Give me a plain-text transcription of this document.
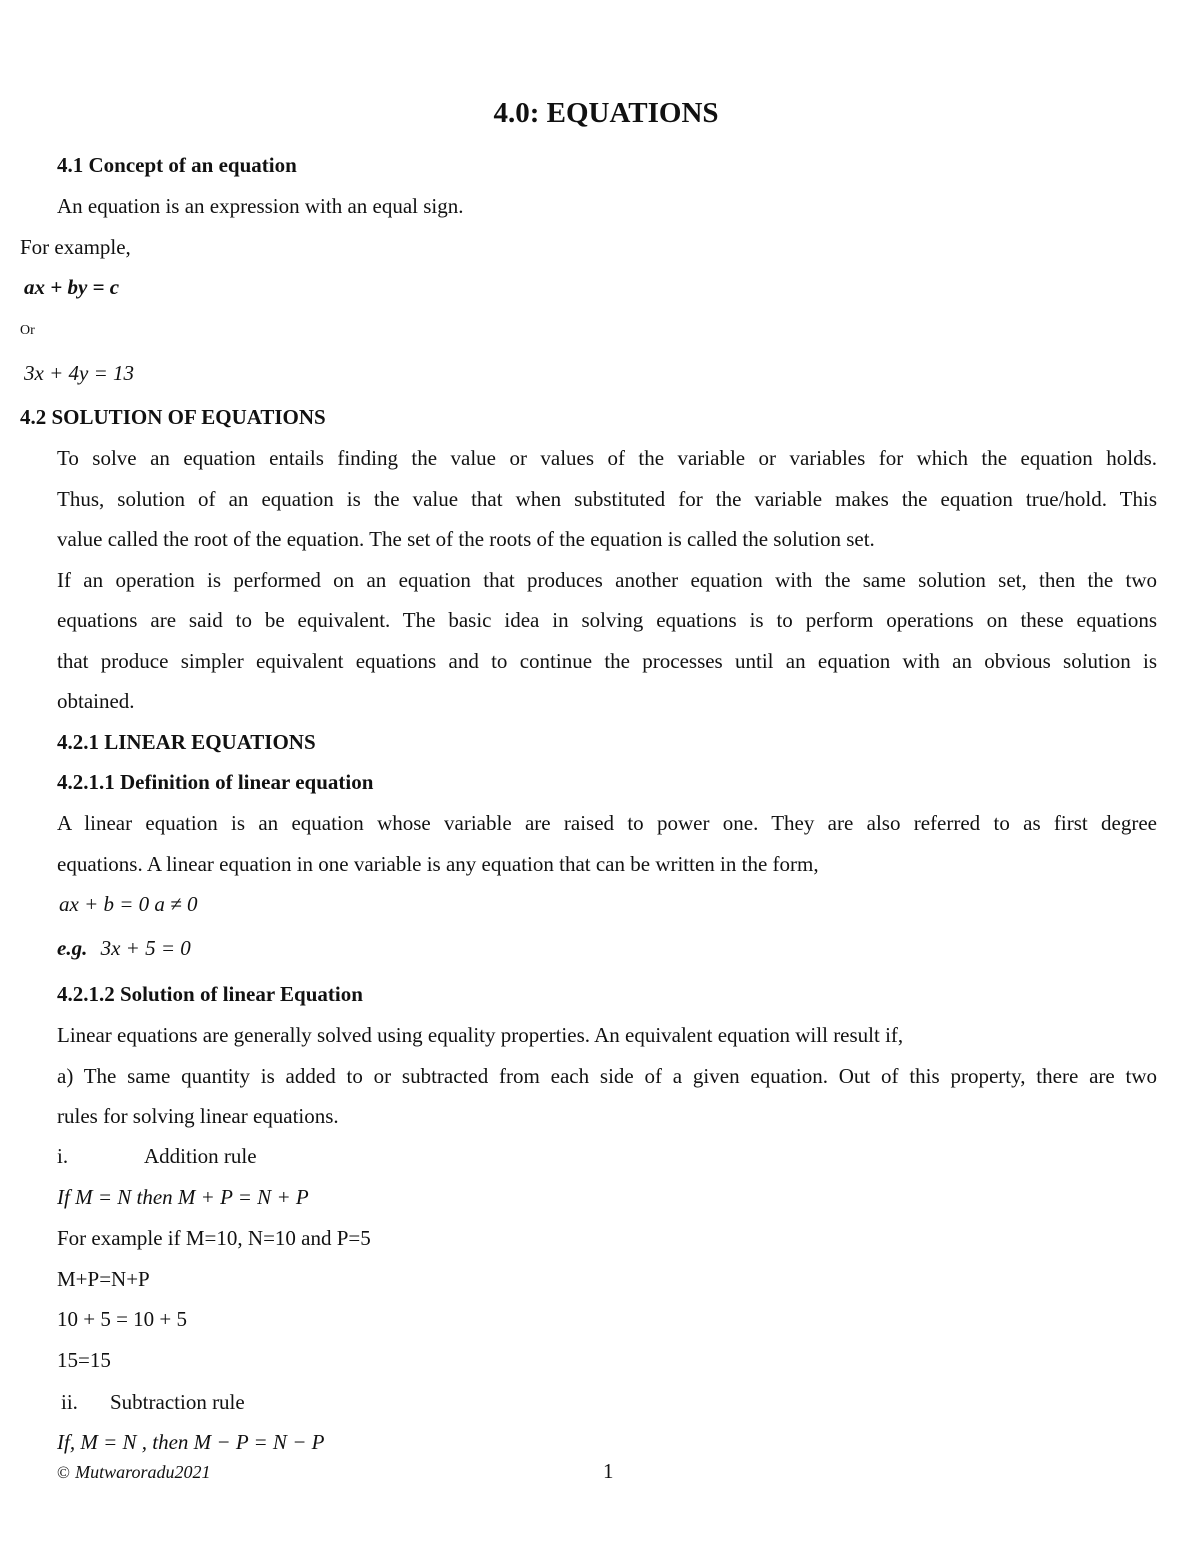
4.0: EQUATIONS
4.1 Concept of an equation
An equation is an expression with an equal sign.
For example,
ax + by = c
Or
3x + 4y = 13
4.2 SOLUTION OF EQUATIONS
To solve an equation entails finding the value or values of the variable or variables for which the equation holds.
Thus, solution of an equation is the value that when substituted for the variable makes the equation true/hold. This
value called the root of the equation. The set of the roots of the equation is called the solution set.
If an operation is performed on an equation that produces another equation with the same solution set, then the two
equations are said to be equivalent. The basic idea in solving equations is to perform operations on these equations
that produce simpler equivalent equations and to continue the processes until an equation with an obvious solution is
obtained.
4.2.1 LINEAR EQUATIONS
4.2.1.1 Definition of linear equation
A linear equation is an equation whose variable are raised to power one. They are also referred to as first degree
equations. A linear equation in one variable is any equation that can be written in the form,
ax + b = 0 a ≠ 0
e.g. 3x + 5 = 0
4.2.1.2 Solution of linear Equation
Linear equations are generally solved using equality properties. An equivalent equation will result if,
a) The same quantity is added to or subtracted from each side of a given equation. Out of this property, there are two
rules for solving linear equations.
i.	Addition rule
If M = N then M + P = N + P
For example if M=10, N=10 and P=5
M+P=N+P
10 + 5 = 10 + 5
15=15
ii. Subtraction rule
If, M = N , then M − P = N − P
© Mutwaroradu2021	1
